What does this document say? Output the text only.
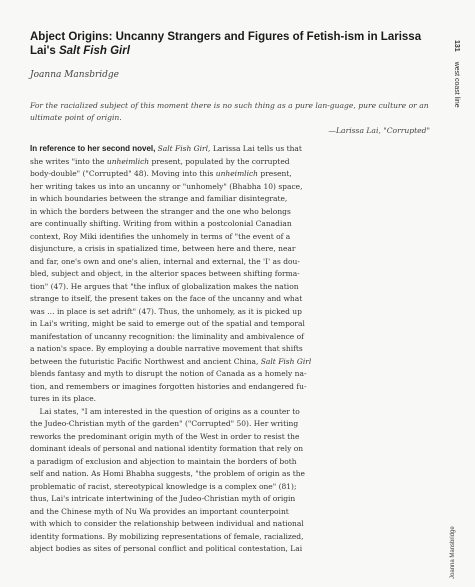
Abject Origins: Uncanny Strangers and Figures of Fetish-ism in Larissa Lai's Salt Fish Girl
Joanna Mansbridge
For the racialized subject of this moment there is no such thing as a pure lan-guage, pure culture or an ultimate point of origin.
—Larissa Lai, "Corrupted"
In reference to her second novel, Salt Fish Girl, Larissa Lai tells us that
she writes "into the unheimlich present, populated by the corrupted
body-double" ("Corrupted" 48). Moving into this unheimlich present,
her writing takes us into an uncanny or "unhomely" (Bhabha 10) space,
in which boundaries between the strange and familiar disintegrate,
in which the borders between the stranger and the one who belongs
are continually shifting. Writing from within a postcolonial Canadian
context, Roy Miki identifies the unhomely in terms of "the event of a
disjuncture, a crisis in spatialized time, between here and there, near
and far, one's own and one's alien, internal and external, the 'I' as dou-
bled, subject and object, in the alterior spaces between shifting forma-
tion" (47). He argues that "the influx of globalization makes the nation
strange to itself, the present takes on the face of the uncanny and what
was … in place is set adrift" (47). Thus, the unhomely, as it is picked up
in Lai's writing, might be said to emerge out of the spatial and temporal
manifestation of uncanny recognition: the liminality and ambivalence of
a nation's space. By employing a double narrative movement that shifts
between the futuristic Pacific Northwest and ancient China, Salt Fish Girl
blends fantasy and myth to disrupt the notion of Canada as a homely na-
tion, and remembers or imagines forgotten histories and endangered fu-
tures in its place.
Lai states, "I am interested in the question of origins as a counter to
the Judeo-Christian myth of the garden" ("Corrupted" 50). Her writing
reworks the predominant origin myth of the West in order to resist the
dominant ideals of personal and national identity formation that rely on
a paradigm of exclusion and abjection to maintain the borders of both
self and nation. As Homi Bhabha suggests, "the problem of origin as the
problematic of racist, stereotypical knowledge is a complex one" (81);
thus, Lai's intricate intertwining of the Judeo-Christian myth of origin
and the Chinese myth of Nu Wa provides an important counterpoint
with which to consider the relationship between individual and national
identity formations. By mobilizing representations of female, racialized,
abject bodies as sites of personal conflict and political contestation, Lai
131west coast line
Joanna Mansbridge
